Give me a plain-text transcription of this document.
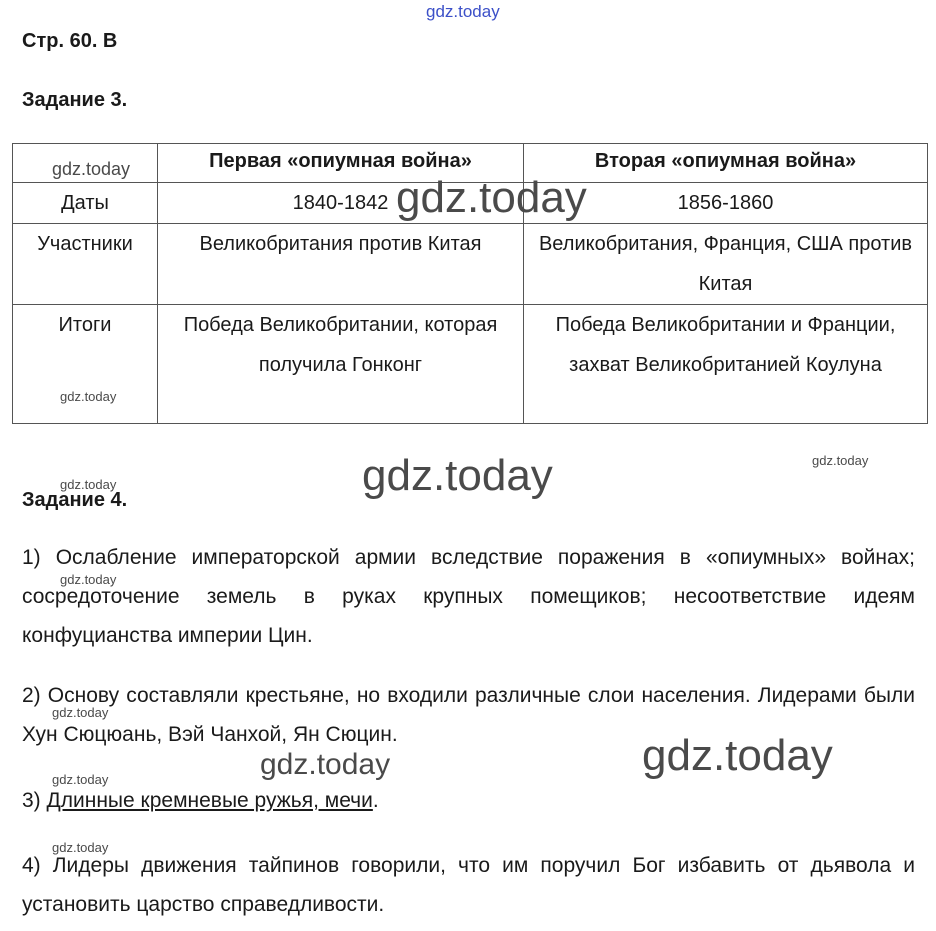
gdz.today
Стр. 60. В
Задание 3.
	Первая «опиумная война»	Вторая «опиумная война»
Даты	1840-1842	1856-1860
Участники	Великобритания против Китая	Великобритания, Франция, США против Китая
Итоги	Победа Великобритании, которая получила Гонконг	Победа Великобритании и Франции, захват Великобританией Коулуна
Задание 4.
1) Ослабление императорской армии вследствие поражения в «опиумных» войнах; сосредоточение земель в руках крупных помещиков; несоответствие идеям конфуцианства империи Цин.
2) Основу составляли крестьяне, но входили различные слои населения. Лидерами были Хун Сюцюань, Вэй Чанхой, Ян Сюцин.
3) Длинные кремневые ружья, мечи.
4) Лидеры движения тайпинов говорили, что им поручил Бог избавить от дьявола и установить царство справедливости.
gdz.today
gdz.today
gdz.today
gdz.today	gdz.today
gdz.today
gdz.today
gdz.today
gdz.today
gdz.today
gdz.today
gdz.today
